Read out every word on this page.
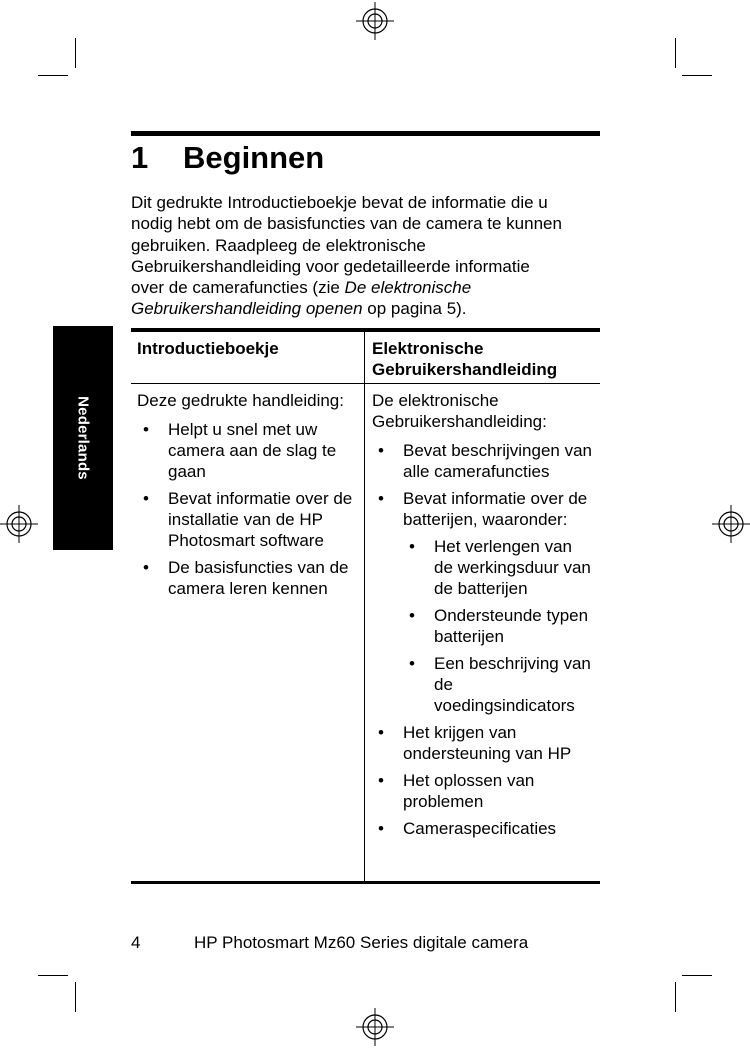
Nederlands
1 Beginnen

Dit gedrukte Introductieboekje bevat de informatie die u

nodig hebt om de basisfuncties van de camera te kunnen

gebruiken. Raadpleeg de elektronische

Gebruikershandleiding voor gedetailleerde informatie

over de camerafuncties (zie De elektronische

Gebruikershandleiding openen op pagina 5).

Introductieboekje

Deze gedrukte handleiding:

• Helpt u snel met uw camera aan de slag te gaan
• Bevat informatie over de installatie van de HP Photosmart software
• De basisfuncties van de camera leren kennen

Elektronische Gebruikershandleiding

De elektronische Gebruikershandleiding:

• Bevat beschrijvingen van alle camerafuncties
• Bevat informatie over de batterijen, waaronder:
• Het verlengen van de werkingsduur van de batterijen
• Ondersteunde typen batterijen
• Een beschrijving van de voedingsindicators
• Het krijgen van ondersteuning van HP
• Het oplossen van problemen
• Cameraspecificaties
4	HP Photosmart Mz60 Series digitale camera
